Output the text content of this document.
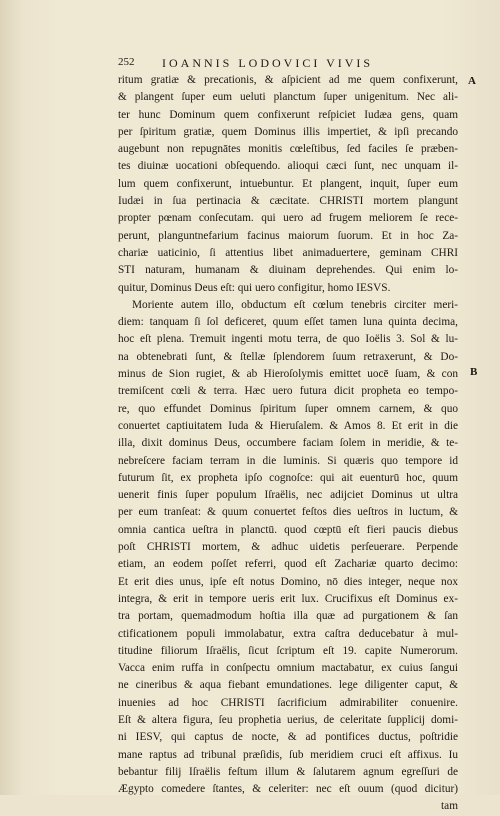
252 IOANNIS LODOVICI VIVIS
ritum gratiæ & precationis, & aſpicient ad me quem confixerunt,
& plangent ſuper eum ueluti planctum ſuper unigenitum. Nec ali-
ter hunc Dominum quem confixerunt reſpiciet Iudæa gens, quam
per ſpiritum gratiæ, quem Dominus illis impertiet, & ipſi precando
augebunt non repugnātes monitis cœleſtibus, ſed faciles ſe præben-
tes diuinæ uocationi obſequendo. alioqui cæci ſunt, nec unquam il-
lum quem confixerunt, intuebuntur. Et plangent, inquit, ſuper eum
Iudæi in ſua pertinacia & cæcitate. CHRISTI mortem plangunt
propter pœnam conſecutam. qui uero ad frugem meliorem ſe rece-
perunt, planguntnefarium facinus maiorum ſuorum. Et in hoc Za-
chariæ uaticinio, ſi attentius libet animaduertere, geminam CHRI
STI naturam, humanam & diuinam deprehendes. Qui enim lo-
quitur, Dominus Deus eſt: qui uero configitur, homo IESVS.
Moriente autem illo, obductum eſt cœlum tenebris circiter meri-
diem: tanquam ſi ſol deficeret, quum eſſet tamen luna quinta decima,
hoc eſt plena. Tremuit ingenti motu terra, de quo Ioëlis 3. Sol & lu-
na obtenebrati ſunt, & ſtellæ ſplendorem ſuum retraxerunt, & Do-
minus de Sion rugiet, & ab Hieroſolymis emittet uocē ſuam, & con
tremiſcent cœli & terra. Hæc uero futura dicit propheta eo tempo-
re, quo effundet Dominus ſpiritum ſuper omnem carnem, & quo
conuertet captiuitatem Iuda & Hieruſalem. & Amos 8. Et erit in die
illa, dixit dominus Deus, occumbere faciam ſolem in meridie, & te-
nebreſcere faciam terram in die luminis. Si quæris quo tempore id
futurum ſit, ex propheta ipſo cognoſce: qui ait euenturū hoc, quum
uenerit finis ſuper populum Iſraëlis, nec adijciet Dominus ut ultra
per eum tranſeat: & quum conuertet feſtos dies ueſtros in luctum, &
omnia cantica ueſtra in planctū. quod cœptū eſt fieri paucis diebus
poſt CHRISTI mortem, & adhuc uidetis perſeuerare. Perpende
etiam, an eodem poſſet referri, quod eſt Zachariæ quarto decimo:
Et erit dies unus, ipſe eſt notus Domino, nō dies integer, neque nox
integra, & erit in tempore ueris erit lux. Crucifixus eſt Dominus ex-
tra portam, quemadmodum hoſtia illa quæ ad purgationem & ſan
ctificationem populi immolabatur, extra caſtra deducebatur à mul-
titudine filiorum Iſraëlis, ſicut ſcriptum eſt 19. capite Numerorum.
Vacca enim ruffa in conſpectu omnium mactabatur, ex cuius ſangui
ne cineribus & aqua fiebant emundationes. lege diligenter caput, &
inuenies ad hoc CHRISTI ſacrificium admirabiliter conuenire.
Eſt & altera figura, ſeu prophetia uerius, de celeritate ſupplicij domi-
ni IESV, qui captus de nocte, & ad pontifices ductus, poſtridie
mane raptus ad tribunal præſidis, ſub meridiem cruci eſt affixus. Iu
bebantur filij Iſraëlis feſtum illum & ſalutarem agnum egreſſuri de
Ægypto comedere ſtantes, & celeriter: nec eſt ouum (quod dicitur)
tam
A
B
